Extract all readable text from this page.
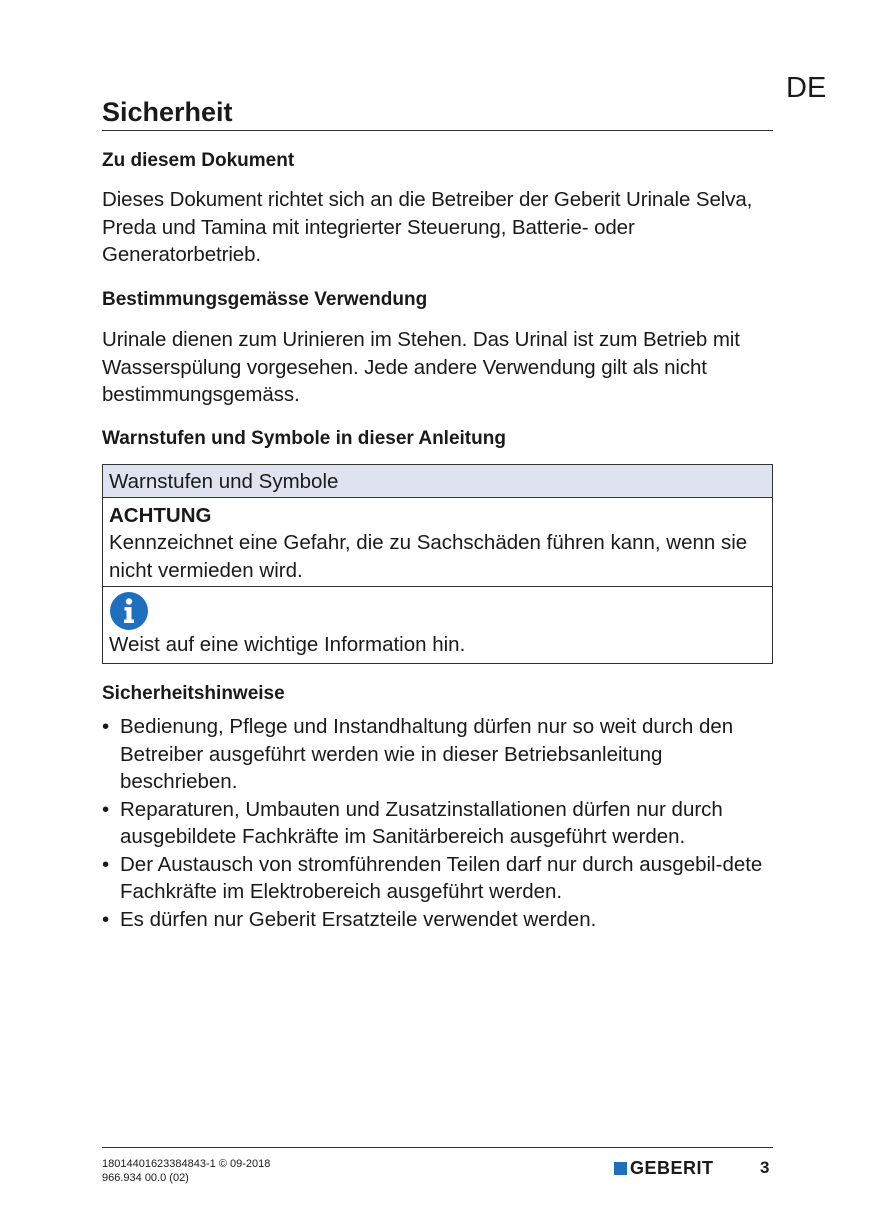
DE
Sicherheit
Zu diesem Dokument

Dieses Dokument richtet sich an die Betreiber der Geberit Urinale Selva, Preda und Tamina mit integrierter Steuerung, Batterie- oder Generatorbetrieb.

Bestimmungsgemässe Verwendung

Urinale dienen zum Urinieren im Stehen. Das Urinal ist zum Betrieb mit Wasserspülung vorgesehen. Jede andere Verwendung gilt als nicht bestimmungsgemäss.

Warnstufen und Symbole in dieser Anleitung
Warnstufen und Symbole
ACHTUNG
Kennzeichnet eine Gefahr, die zu Sachschäden führen kann, wenn sie nicht vermieden wird.
Weist auf eine wichtige Information hin.
Sicherheitshinweise
• Bedienung, Pflege und Instandhaltung dürfen nur so weit durch den Betreiber ausgeführt werden wie in dieser Betriebsanleitung beschrieben.
• Reparaturen, Umbauten und Zusatzinstallationen dürfen nur durch ausgebildete Fachkräfte im Sanitärbereich ausgeführt werden.
• Der Austausch von stromführenden Teilen darf nur durch ausgebil-dete Fachkräfte im Elektrobereich ausgeführt werden.
• Es dürfen nur Geberit Ersatzteile verwendet werden.
18014401623384843-1 © 09-2018
966.934 00.0 (02)	GEBERIT	3
